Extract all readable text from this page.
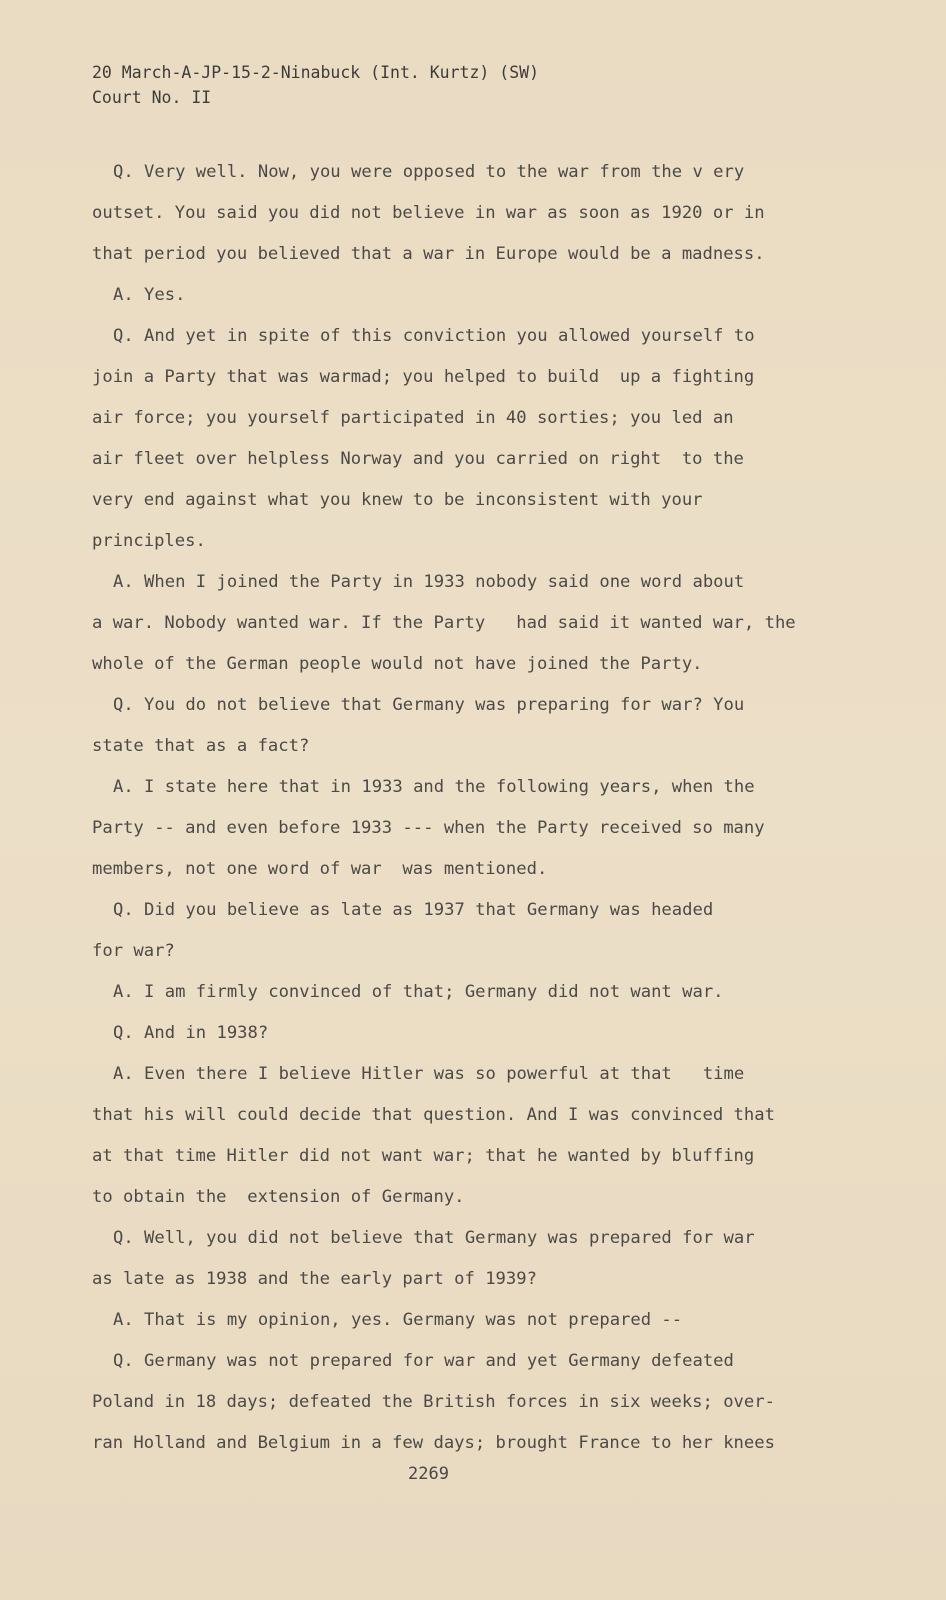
20 March-A-JP-15-2-Ninabuck (Int. Kurtz) (SW)
Court No. II
Q. Very well. Now, you were opposed to the war from the v ery
outset. You said you did not believe in war as soon as 1920 or in
that period you believed that a war in Europe would be a madness.
A. Yes.
Q. And yet in spite of this conviction you allowed yourself to
join a Party that was warmad; you helped to build  up a fighting
air force; you yourself participated in 40 sorties; you led an
air fleet over helpless Norway and you carried on right  to the
very end against what you knew to be inconsistent with your
principles.
A. When I joined the Party in 1933 nobody said one word about
a war. Nobody wanted war. If the Party   had said it wanted war, the
whole of the German people would not have joined the Party.
Q. You do not believe that Germany was preparing for war? You
state that as a fact?
A. I state here that in 1933 and the following years, when the
Party -- and even before 1933 --- when the Party received so many
members, not one word of war  was mentioned.
Q. Did you believe as late as 1937 that Germany was headed
for war?
A. I am firmly convinced of that; Germany did not want war.
Q. And in 1938?
A. Even there I believe Hitler was so powerful at that   time
that his will could decide that question. And I was convinced that
at that time Hitler did not want war; that he wanted by bluffing
to obtain the  extension of Germany.
Q. Well, you did not believe that Germany was prepared for war
as late as 1938 and the early part of 1939?
A. That is my opinion, yes. Germany was not prepared --
Q. Germany was not prepared for war and yet Germany defeated
Poland in 18 days; defeated the British forces in six weeks; over-
ran Holland and Belgium in a few days; brought France to her knees
2269
